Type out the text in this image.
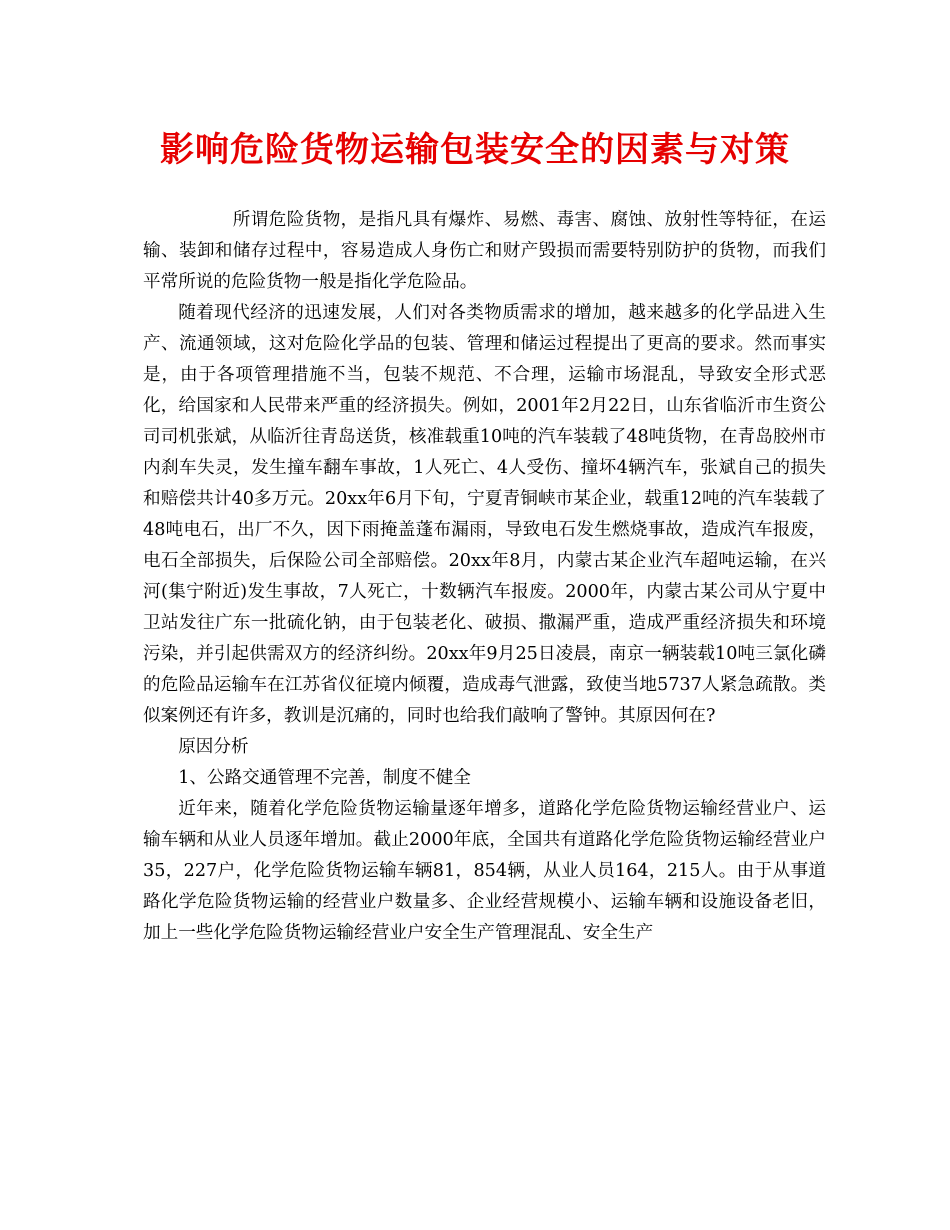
影响危险货物运输包装安全的因素与对策

所谓危险货物，是指凡具有爆炸、易燃、毒害、腐蚀、放射性等特征，在运输、装卸和储存过程中，容易造成人身伤亡和财产毁损而需要特别防护的货物，而我们平常所说的危险货物一般是指化学危险品。

随着现代经济的迅速发展，人们对各类物质需求的增加，越来越多的化学品进入生产、流通领域，这对危险化学品的包装、管理和储运过程提出了更高的要求。然而事实是，由于各项管理措施不当，包装不规范、不合理，运输市场混乱，导致安全形式恶化，给国家和人民带来严重的经济损失。例如，2001年2月22日，山东省临沂市生资公司司机张斌，从临沂往青岛送货，核准载重10吨的汽车装载了48吨货物，在青岛胶州市内刹车失灵，发生撞车翻车事故，1人死亡、4人受伤、撞坏4辆汽车，张斌自己的损失和赔偿共计40多万元。20xx年6月下旬，宁夏青铜峡市某企业，载重12吨的汽车装载了48吨电石，出厂不久，因下雨掩盖蓬布漏雨，导致电石发生燃烧事故，造成汽车报废，电石全部损失，后保险公司全部赔偿。20xx年8月，内蒙古某企业汽车超吨运输，在兴河(集宁附近)发生事故，7人死亡，十数辆汽车报废。2000年，内蒙古某公司从宁夏中卫站发往广东一批硫化钠，由于包装老化、破损、撒漏严重，造成严重经济损失和环境污染，并引起供需双方的经济纠纷。20xx年9月25日凌晨，南京一辆装载10吨三氯化磷的危险品运输车在江苏省仪征境内倾覆，造成毒气泄露，致使当地5737人紧急疏散。类似案例还有许多，教训是沉痛的，同时也给我们敲响了警钟。其原因何在?

原因分析

1、公路交通管理不完善，制度不健全

近年来，随着化学危险货物运输量逐年增多，道路化学危险货物运输经营业户、运输车辆和从业人员逐年增加。截止2000年底，全国共有道路化学危险货物运输经营业户35，227户，化学危险货物运输车辆81，854辆，从业人员164，215人。由于从事道路化学危险货物运输的经营业户数量多、企业经营规模小、运输车辆和设施设备老旧，加上一些化学危险货物运输经营业户安全生产管理混乱、安全生产
